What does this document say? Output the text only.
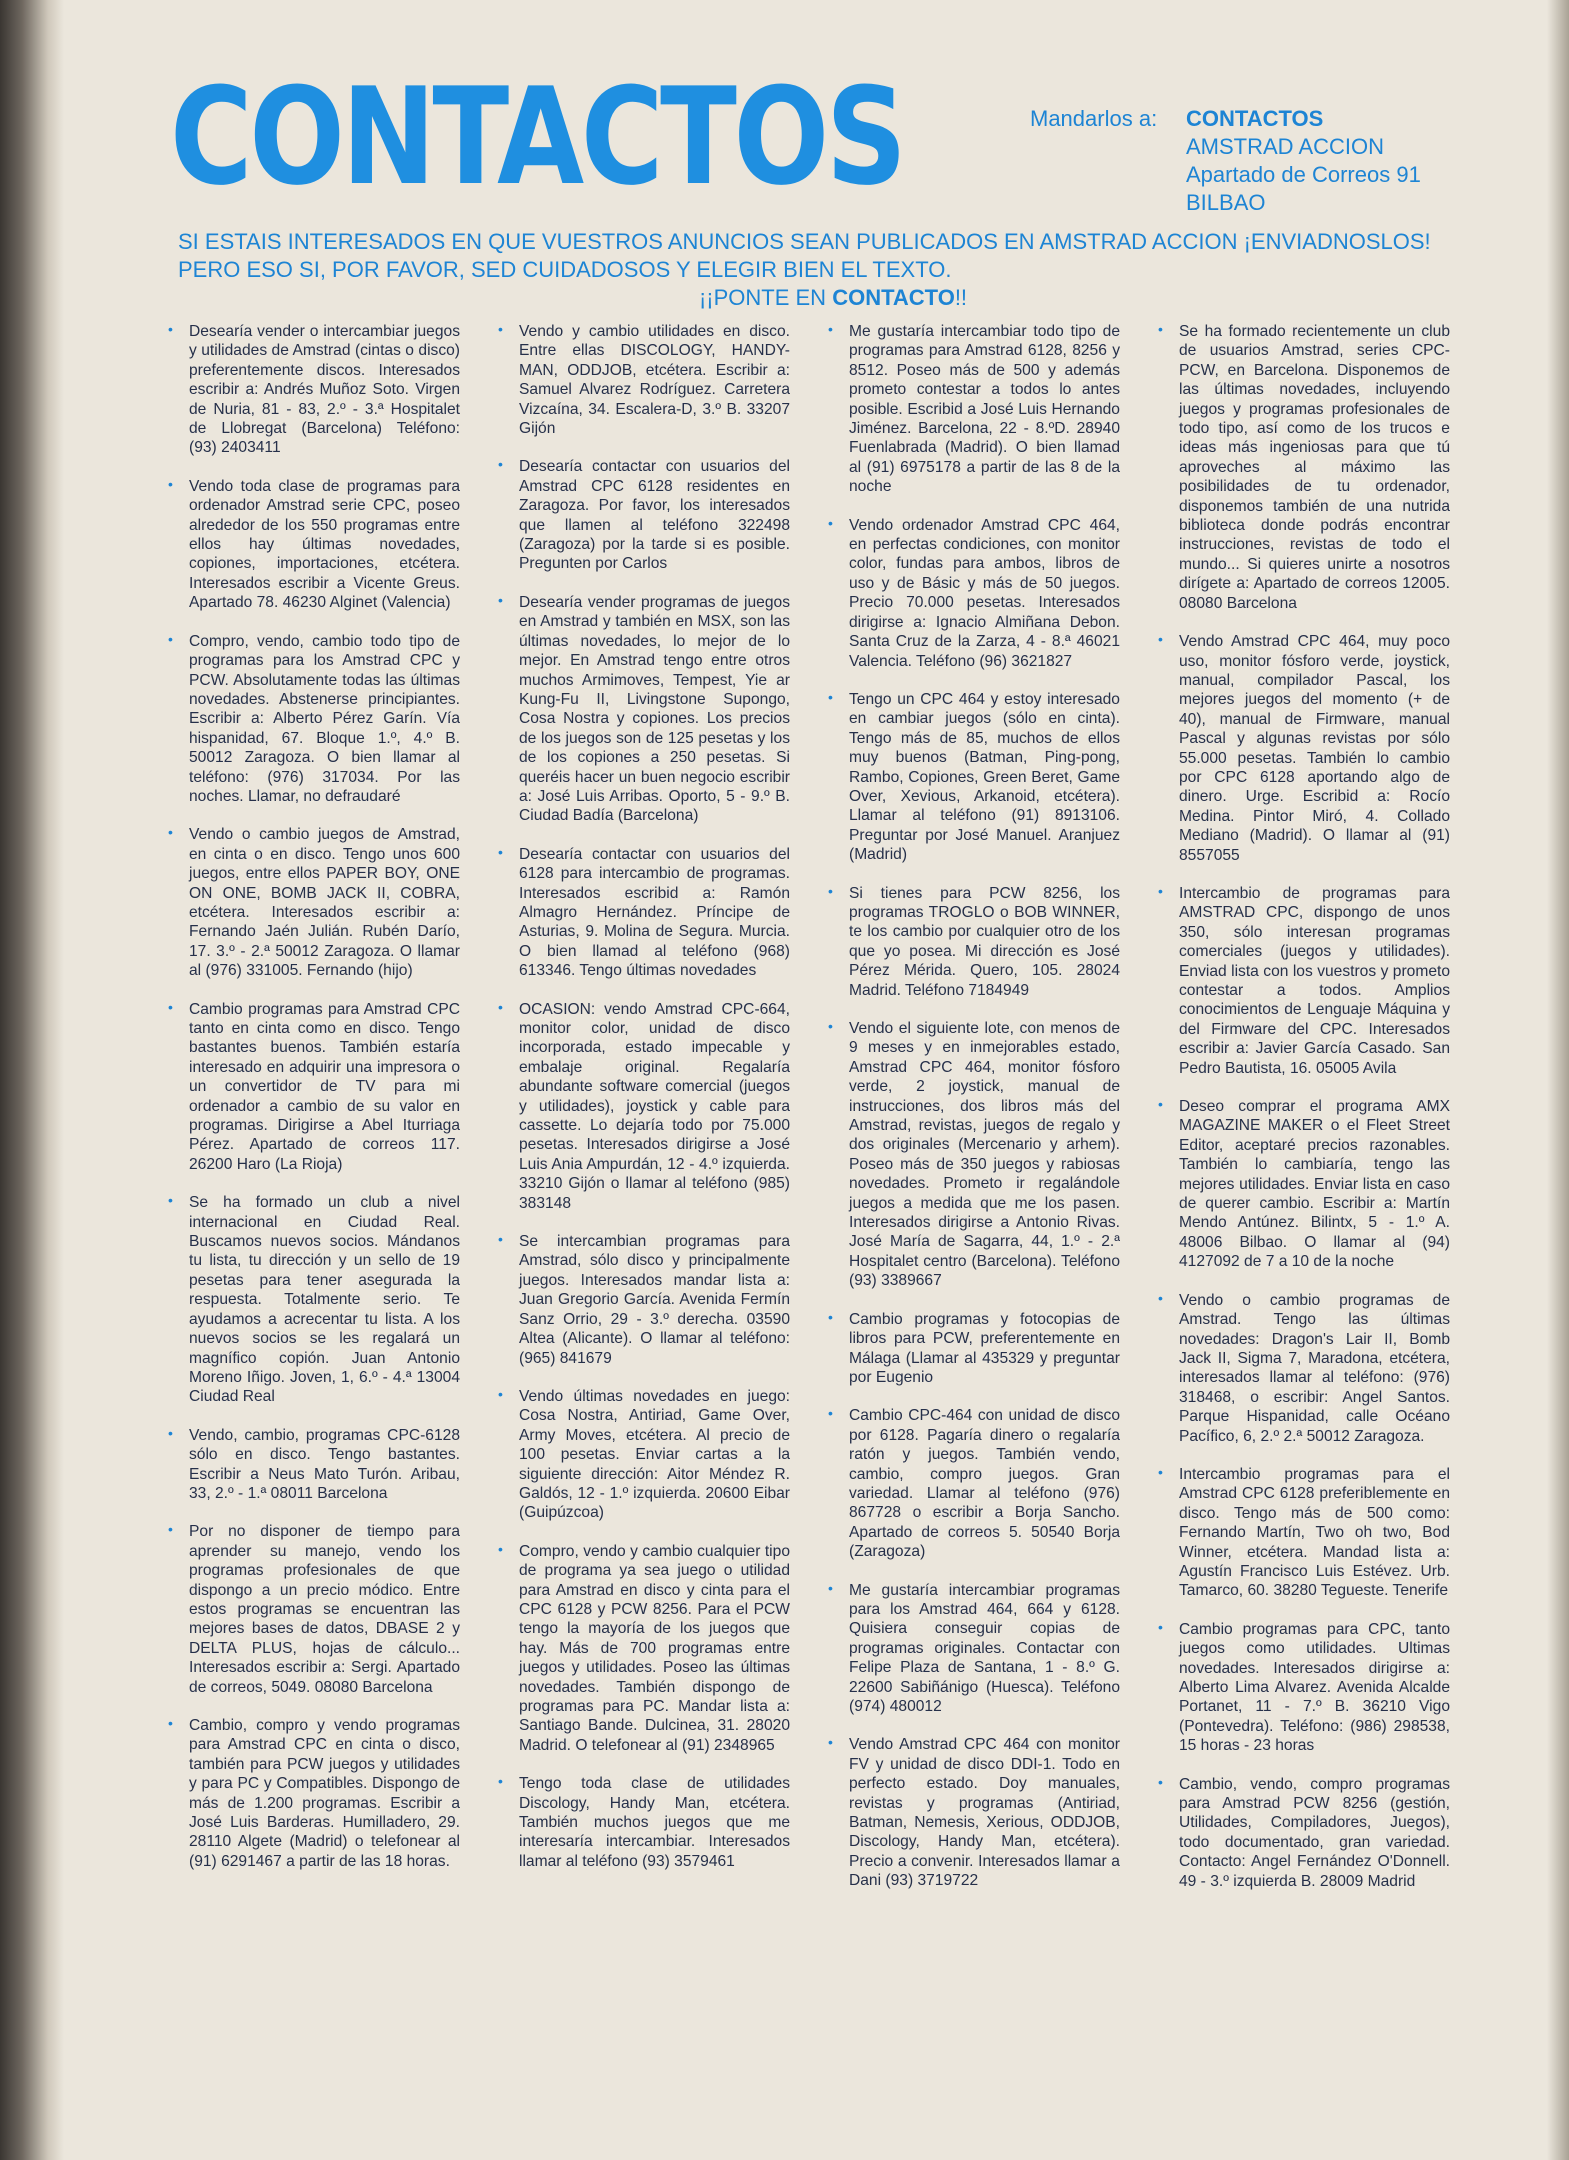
CONTACTOS	Mandarlos a: CONTACTOS
AMSTRAD ACCION
Apartado de Correos 91
BILBAO
SI ESTAIS INTERESADOS EN QUE VUESTROS ANUNCIOS SEAN PUBLICADOS EN AMSTRAD ACCION ¡ENVIADNOSLOS!
PERO ESO SI, POR FAVOR, SED CUIDADOSOS Y ELEGIR BIEN EL TEXTO.
¡¡PONTE EN CONTACTO!!
• Desearía vender o intercambiar juegos y utilidades de Amstrad (cintas o disco) preferentemente discos. Interesados escribir a: Andrés Muñoz Soto. Virgen de Nuria, 81 - 83, 2.º - 3.ª Hospitalet de Llobregat (Barcelona) Teléfono: (93) 2403411
• Vendo toda clase de programas para ordenador Amstrad serie CPC, poseo alrededor de los 550 programas entre ellos hay últimas novedades, copiones, importaciones, etcétera. Interesados escribir a Vicente Greus. Apartado 78. 46230 Alginet (Valencia)
• Compro, vendo, cambio todo tipo de programas para los Amstrad CPC y PCW. Absolutamente todas las últimas novedades. Abstenerse principiantes. Escribir a: Alberto Pérez Garín. Vía hispanidad, 67. Bloque 1.º, 4.º B. 50012 Zaragoza. O bien llamar al teléfono: (976) 317034. Por las noches. Llamar, no defraudaré
• Vendo o cambio juegos de Amstrad, en cinta o en disco. Tengo unos 600 juegos, entre ellos PAPER BOY, ONE ON ONE, BOMB JACK II, COBRA, etcétera. Interesados escribir a: Fernando Jaén Julián. Rubén Darío, 17. 3.º - 2.ª 50012 Zaragoza. O llamar al (976) 331005. Fernando (hijo)
• Cambio programas para Amstrad CPC tanto en cinta como en disco. Tengo bastantes buenos. También estaría interesado en adquirir una impresora o un convertidor de TV para mi ordenador a cambio de su valor en programas. Dirigirse a Abel Iturriaga Pérez. Apartado de correos 117. 26200 Haro (La Rioja)
• Se ha formado un club a nivel internacional en Ciudad Real. Buscamos nuevos socios. Mándanos tu lista, tu dirección y un sello de 19 pesetas para tener asegurada la respuesta. Totalmente serio. Te ayudamos a acrecentar tu lista. A los nuevos socios se les regalará un magnífico copión. Juan Antonio Moreno Iñigo. Joven, 1, 6.º - 4.ª 13004 Ciudad Real
• Vendo, cambio, programas CPC-6128 sólo en disco. Tengo bastantes. Escribir a Neus Mato Turón. Aribau, 33, 2.º - 1.ª 08011 Barcelona
• Por no disponer de tiempo para aprender su manejo, vendo los programas profesionales de que dispongo a un precio módico. Entre estos programas se encuentran las mejores bases de datos, DBASE 2 y DELTA PLUS, hojas de cálculo... Interesados escribir a: Sergi. Apartado de correos, 5049. 08080 Barcelona
• Cambio, compro y vendo programas para Amstrad CPC en cinta o disco, también para PCW juegos y utilidades y para PC y Compatibles. Dispongo de más de 1.200 programas. Escribir a José Luis Barderas. Humilladero, 29. 28110 Algete (Madrid) o telefonear al (91) 6291467 a partir de las 18 horas.
• Vendo y cambio utilidades en disco. Entre ellas DISCOLOGY, HANDY-MAN, ODDJOB, etcétera. Escribir a: Samuel Alvarez Rodríguez. Carretera Vizcaína, 34. Escalera-D, 3.º B. 33207 Gijón
• Desearía contactar con usuarios del Amstrad CPC 6128 residentes en Zaragoza. Por favor, los interesados que llamen al teléfono 322498 (Zaragoza) por la tarde si es posible. Pregunten por Carlos
• Desearía vender programas de juegos en Amstrad y también en MSX, son las últimas novedades, lo mejor de lo mejor. En Amstrad tengo entre otros muchos Armimoves, Tempest, Yie ar Kung-Fu II, Livingstone Supongo, Cosa Nostra y copiones. Los precios de los juegos son de 125 pesetas y los de los copiones a 250 pesetas. Si queréis hacer un buen negocio escribir a: José Luis Arribas. Oporto, 5 - 9.º B. Ciudad Badía (Barcelona)
• Desearía contactar con usuarios del 6128 para intercambio de programas. Interesados escribid a: Ramón Almagro Hernández. Príncipe de Asturias, 9. Molina de Segura. Murcia. O bien llamad al teléfono (968) 613346. Tengo últimas novedades
• OCASION: vendo Amstrad CPC-664, monitor color, unidad de disco incorporada, estado impecable y embalaje original. Regalaría abundante software comercial (juegos y utilidades), joystick y cable para cassette. Lo dejaría todo por 75.000 pesetas. Interesados dirigirse a José Luis Ania Ampurdán, 12 - 4.º izquierda. 33210 Gijón o llamar al teléfono (985) 383148
• Se intercambian programas para Amstrad, sólo disco y principalmente juegos. Interesados mandar lista a: Juan Gregorio García. Avenida Fermín Sanz Orrio, 29 - 3.º derecha. 03590 Altea (Alicante). O llamar al teléfono: (965) 841679
• Vendo últimas novedades en juego: Cosa Nostra, Antiriad, Game Over, Army Moves, etcétera. Al precio de 100 pesetas. Enviar cartas a la siguiente dirección: Aitor Méndez R. Galdós, 12 - 1.º izquierda. 20600 Eibar (Guipúzcoa)
• Compro, vendo y cambio cualquier tipo de programa ya sea juego o utilidad para Amstrad en disco y cinta para el CPC 6128 y PCW 8256. Para el PCW tengo la mayoría de los juegos que hay. Más de 700 programas entre juegos y utilidades. Poseo las últimas novedades. También dispongo de programas para PC. Mandar lista a: Santiago Bande. Dulcinea, 31. 28020 Madrid. O telefonear al (91) 2348965
• Tengo toda clase de utilidades Discology, Handy Man, etcétera. También muchos juegos que me interesaría intercambiar. Interesados llamar al teléfono (93) 3579461
• Me gustaría intercambiar todo tipo de programas para Amstrad 6128, 8256 y 8512. Poseo más de 500 y además prometo contestar a todos lo antes posible. Escribid a José Luis Hernando Jiménez. Barcelona, 22 - 8.ºD. 28940 Fuenlabrada (Madrid). O bien llamad al (91) 6975178 a partir de las 8 de la noche
• Vendo ordenador Amstrad CPC 464, en perfectas condiciones, con monitor color, fundas para ambos, libros de uso y de Básic y más de 50 juegos. Precio 70.000 pesetas. Interesados dirigirse a: Ignacio Almiñana Debon. Santa Cruz de la Zarza, 4 - 8.ª 46021 Valencia. Teléfono (96) 3621827
• Tengo un CPC 464 y estoy interesado en cambiar juegos (sólo en cinta). Tengo más de 85, muchos de ellos muy buenos (Batman, Ping-pong, Rambo, Copiones, Green Beret, Game Over, Xevious, Arkanoid, etcétera). Llamar al teléfono (91) 8913106. Preguntar por José Manuel. Aranjuez (Madrid)
• Si tienes para PCW 8256, los programas TROGLO o BOB WINNER, te los cambio por cualquier otro de los que yo posea. Mi dirección es José Pérez Mérida. Quero, 105. 28024 Madrid. Teléfono 7184949
• Vendo el siguiente lote, con menos de 9 meses y en inmejorables estado, Amstrad CPC 464, monitor fósforo verde, 2 joystick, manual de instrucciones, dos libros más del Amstrad, revistas, juegos de regalo y dos originales (Mercenario y arhem). Poseo más de 350 juegos y rabiosas novedades. Prometo ir regalándole juegos a medida que me los pasen. Interesados dirigirse a Antonio Rivas. José María de Sagarra, 44, 1.º - 2.ª Hospitalet centro (Barcelona). Teléfono (93) 3389667
• Cambio programas y fotocopias de libros para PCW, preferentemente en Málaga (Llamar al 435329 y preguntar por Eugenio
• Cambio CPC-464 con unidad de disco por 6128. Pagaría dinero o regalaría ratón y juegos. También vendo, cambio, compro juegos. Gran variedad. Llamar al teléfono (976) 867728 o escribir a Borja Sancho. Apartado de correos 5. 50540 Borja (Zaragoza)
• Me gustaría intercambiar programas para los Amstrad 464, 664 y 6128. Quisiera conseguir copias de programas originales. Contactar con Felipe Plaza de Santana, 1 - 8.º G. 22600 Sabiñánigo (Huesca). Teléfono (974) 480012
• Vendo Amstrad CPC 464 con monitor FV y unidad de disco DDI-1. Todo en perfecto estado. Doy manuales, revistas y programas (Antiriad, Batman, Nemesis, Xerious, ODDJOB, Discology, Handy Man, etcétera). Precio a convenir. Interesados llamar a Dani (93) 3719722
• Se ha formado recientemente un club de usuarios Amstrad, series CPC-PCW, en Barcelona. Disponemos de las últimas novedades, incluyendo juegos y programas profesionales de todo tipo, así como de los trucos e ideas más ingeniosas para que tú aproveches al máximo las posibilidades de tu ordenador, disponemos también de una nutrida biblioteca donde podrás encontrar instrucciones, revistas de todo el mundo... Si quieres unirte a nosotros dirígete a: Apartado de correos 12005. 08080 Barcelona
• Vendo Amstrad CPC 464, muy poco uso, monitor fósforo verde, joystick, manual, compilador Pascal, los mejores juegos del momento (+ de 40), manual de Firmware, manual Pascal y algunas revistas por sólo 55.000 pesetas. También lo cambio por CPC 6128 aportando algo de dinero. Urge. Escribid a: Rocío Medina. Pintor Miró, 4. Collado Mediano (Madrid). O llamar al (91) 8557055
• Intercambio de programas para AMSTRAD CPC, dispongo de unos 350, sólo interesan programas comerciales (juegos y utilidades). Enviad lista con los vuestros y prometo contestar a todos. Amplios conocimientos de Lenguaje Máquina y del Firmware del CPC. Interesados escribir a: Javier García Casado. San Pedro Bautista, 16. 05005 Avila
• Deseo comprar el programa AMX MAGAZINE MAKER o el Fleet Street Editor, aceptaré precios razonables. También lo cambiaría, tengo las mejores utilidades. Enviar lista en caso de querer cambio. Escribir a: Martín Mendo Antúnez. Bilintx, 5 - 1.º A. 48006 Bilbao. O llamar al (94) 4127092 de 7 a 10 de la noche
• Vendo o cambio programas de Amstrad. Tengo las últimas novedades: Dragon's Lair II, Bomb Jack II, Sigma 7, Maradona, etcétera, interesados llamar al teléfono: (976) 318468, o escribir: Angel Santos. Parque Hispanidad, calle Océano Pacífico, 6, 2.º 2.ª 50012 Zaragoza.
• Intercambio programas para el Amstrad CPC 6128 preferiblemente en disco. Tengo más de 500 como: Fernando Martín, Two oh two, Bod Winner, etcétera. Mandad lista a: Agustín Francisco Luis Estévez. Urb. Tamarco, 60. 38280 Tegueste. Tenerife
• Cambio programas para CPC, tanto juegos como utilidades. Ultimas novedades. Interesados dirigirse a: Alberto Lima Alvarez. Avenida Alcalde Portanet, 11 - 7.º B. 36210 Vigo (Pontevedra). Teléfono: (986) 298538, 15 horas - 23 horas
• Cambio, vendo, compro programas para Amstrad PCW 8256 (gestión, Utilidades, Compiladores, Juegos), todo documentado, gran variedad. Contacto: Angel Fernández O'Donnell. 49 - 3.º izquierda B. 28009 Madrid
